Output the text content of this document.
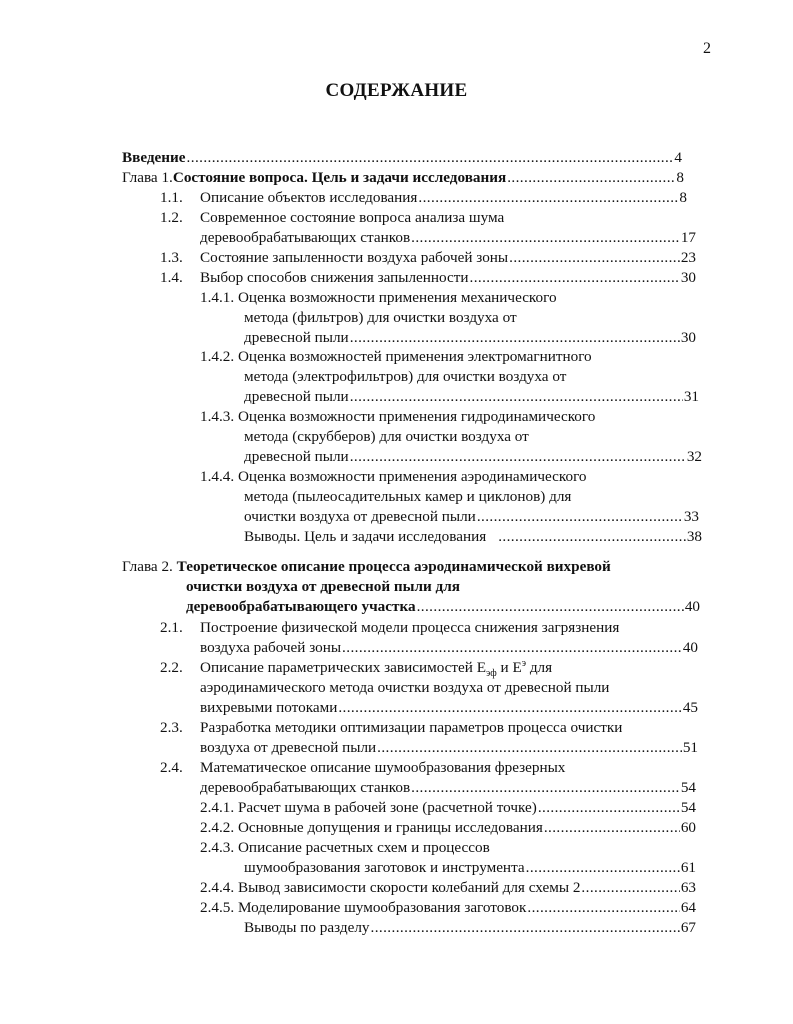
2
СОДЕРЖАНИЕ
Введение .....	4
Глава 1. Состояние вопроса. Цель и задачи исследования .....	8
1.1. Описание объектов исследования .....	8
1.2. Современное состояние вопроса анализа шума
деревообрабатывающих станков .....	17
1.3. Состояние запыленности воздуха рабочей зоны .....	23
1.4. Выбор способов снижения запыленности .....	30
1.4.1. Оценка возможности применения механического
метода (фильтров) для очистки воздуха от
древесной пыли .....	30
1.4.2. Оценка возможностей применения электромагнитного
метода (электрофильтров) для очистки воздуха от
древесной пыли .....	31
1.4.3. Оценка возможности применения гидродинамического
метода (скрубберов) для очистки воздуха от
древесной пыли .....	32
1.4.4. Оценка возможности применения аэродинамического
метода (пылеосадительных камер и циклонов) для
очистки воздуха от древесной пыли .....	33
Выводы. Цель и задачи исследования .....	38
Глава 2. Теоретическое описание процесса аэродинамической вихревой
очистки воздуха от древесной пыли для
деревообрабатывающего участка .....	40
2.1. Построение физической модели процесса снижения загрязнения
воздуха рабочей зоны .....	40
2.2. Описание параметрических зависимостей $E_{эф}$ и $E^э$ для
аэродинамического метода очистки воздуха от древесной пыли
вихревыми потоками .....	45
2.3. Разработка методики оптимизации параметров процесса очистки
воздуха от древесной пыли .....	51
2.4. Математическое описание шумообразования фрезерных
деревообрабатывающих станков .....	54
2.4.1. Расчет шума в рабочей зоне (расчетной точке) .....	54
2.4.2. Основные допущения и границы исследования .....	60
2.4.3. Описание расчетных схем и процессов
шумообразования заготовок и инструмента .....	61
2.4.4. Вывод зависимости скорости колебаний для схемы 2 .....	63
2.4.5. Моделирование шумообразования заготовок .....	64
Выводы по разделу .....	67
